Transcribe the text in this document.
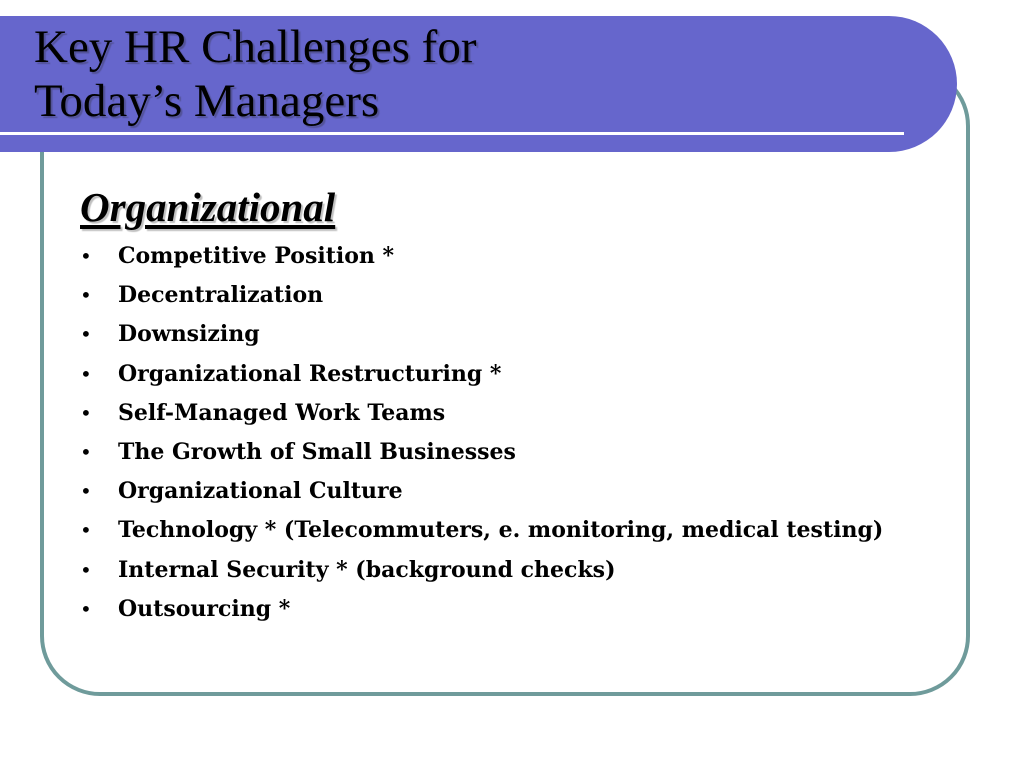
Key HR Challenges for
Today’s Managers
Organizational
• Competitive Position *
• Decentralization
• Downsizing
• Organizational Restructuring *
• Self-Managed Work Teams
• The Growth of Small Businesses
• Organizational Culture
• Technology * (Telecommuters, e. monitoring, medical testing)
• Internal Security * (background checks)
• Outsourcing *
